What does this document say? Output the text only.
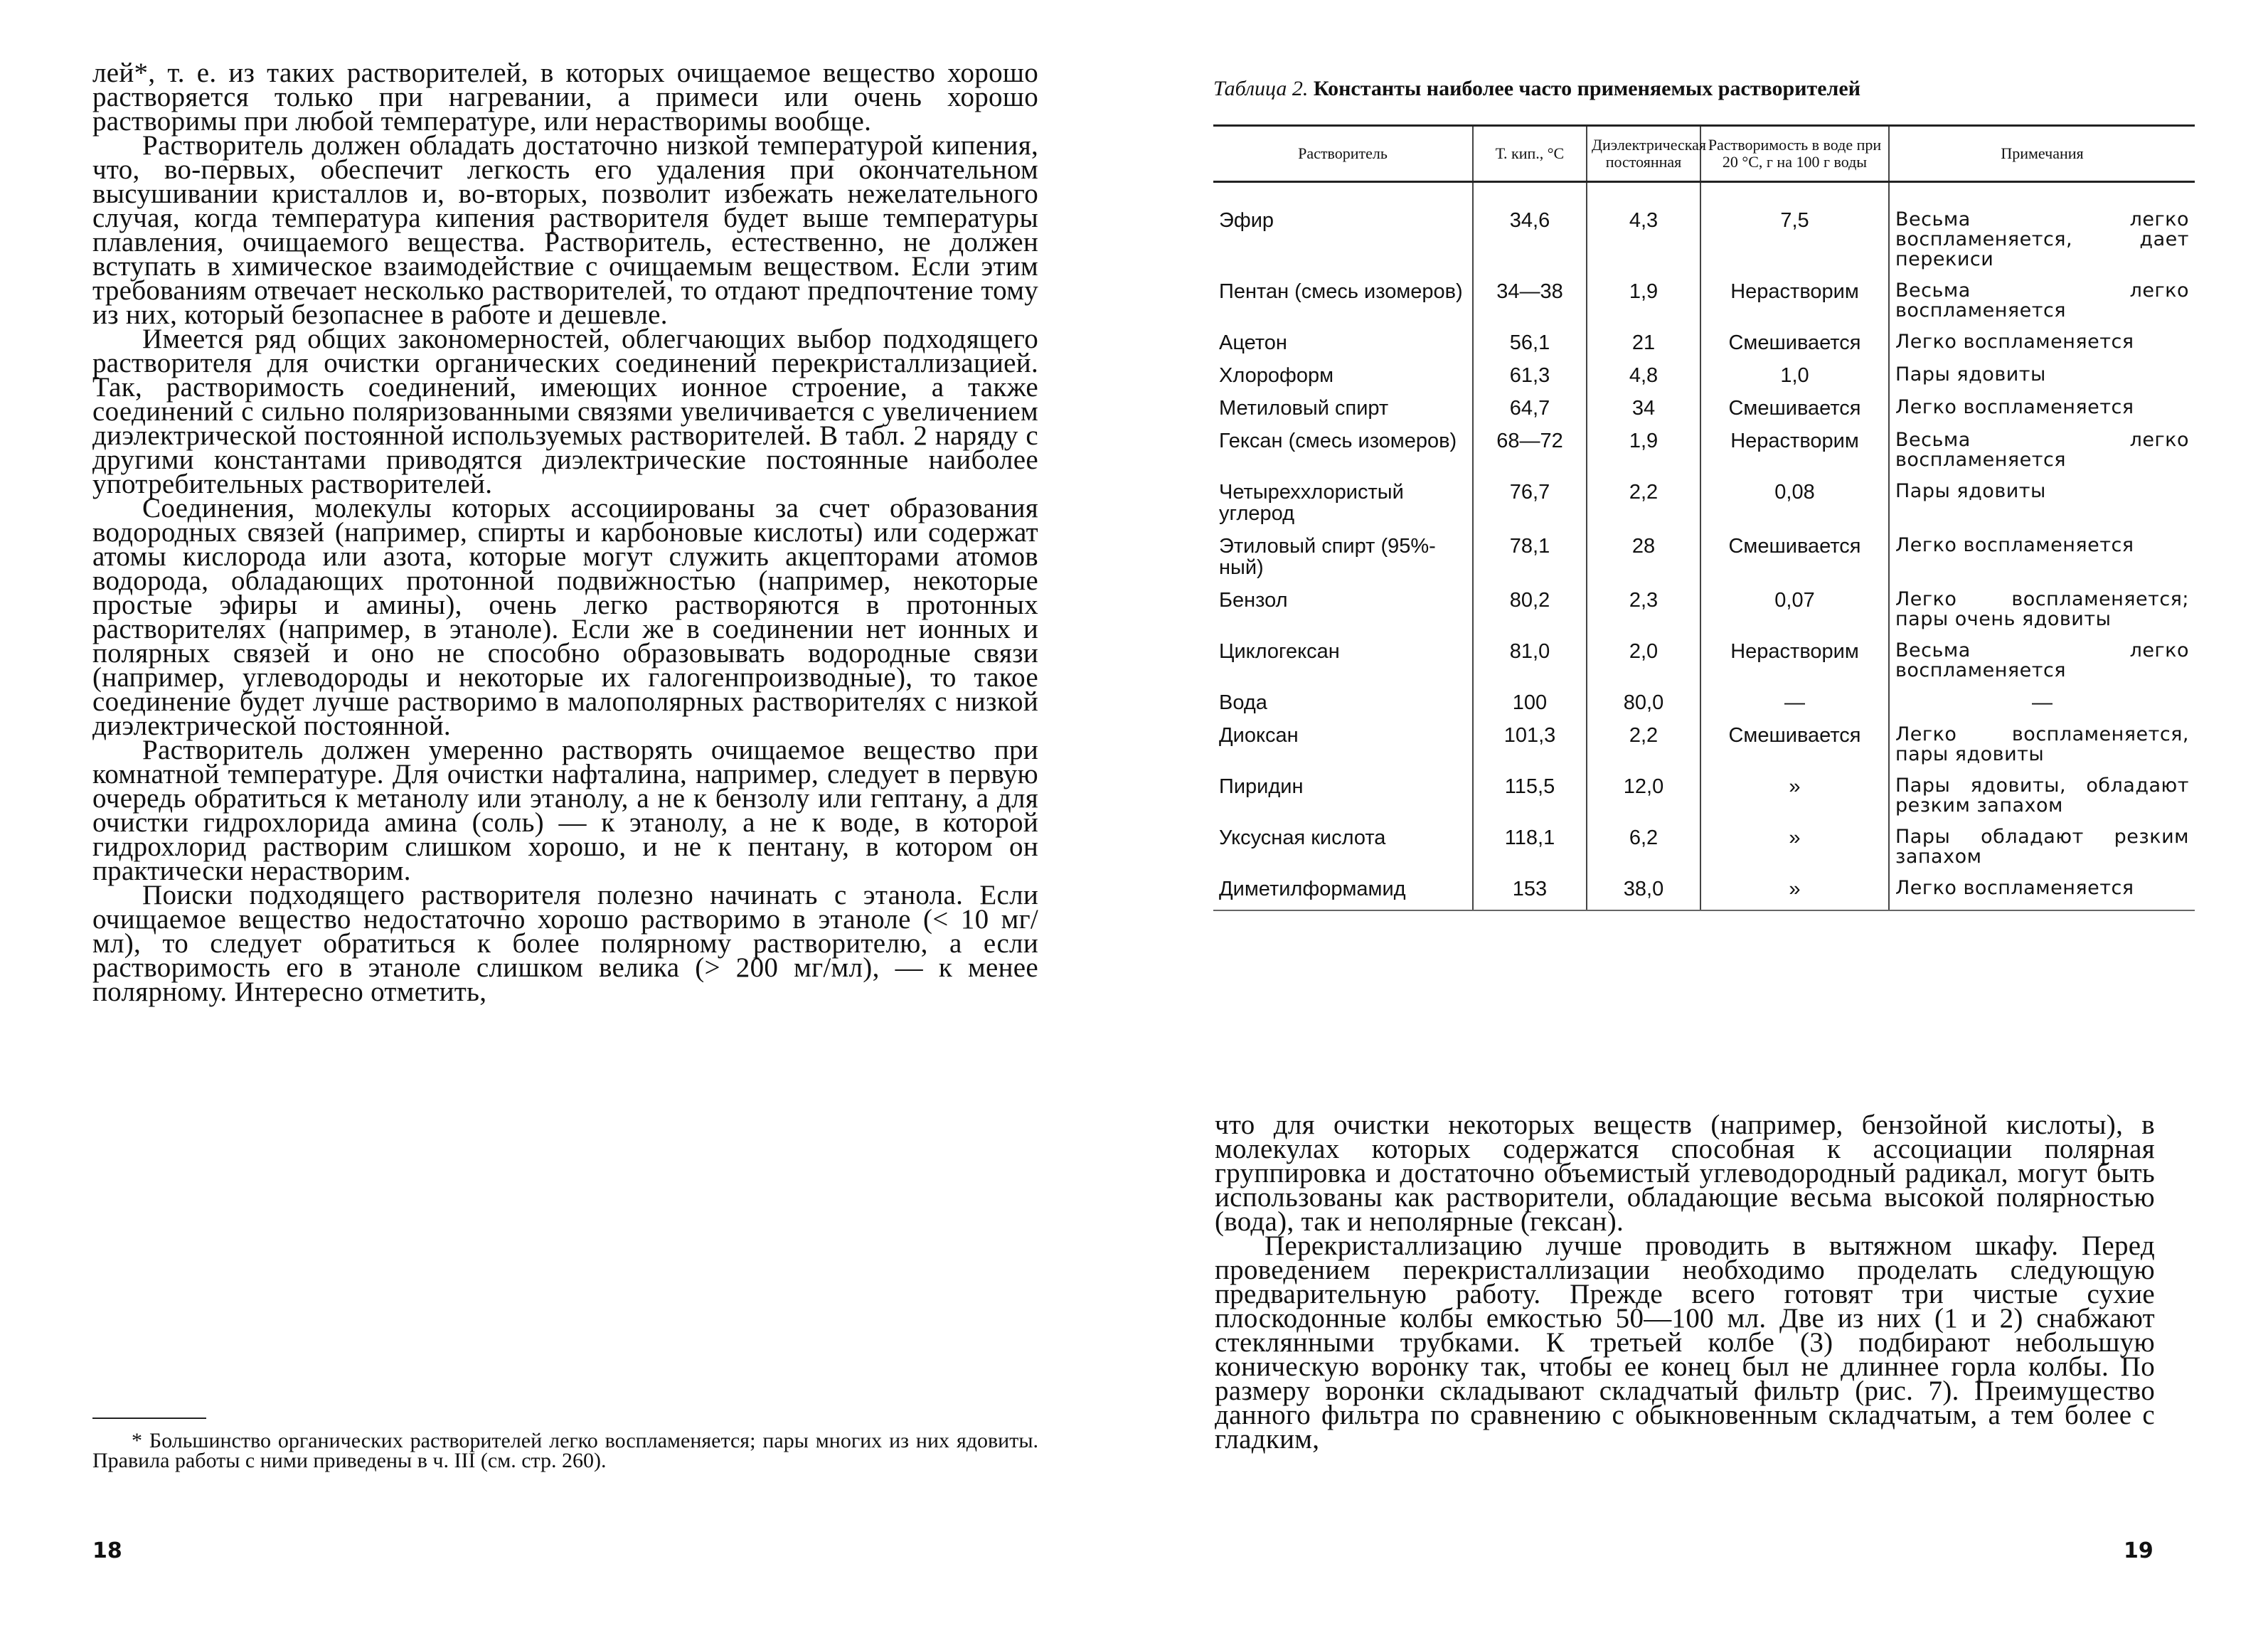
лей*, т. е. из таких растворителей, в которых очищаемое вещество хорошо растворяется только при нагревании, а примеси или очень хорошо растворимы при любой температуре, или нерастворимы вообще.

Растворитель должен обладать достаточно низкой температурой кипения, что, во-первых, обеспечит легкость его удаления при окончательном высушивании кристаллов и, во-вторых, позволит избежать нежелательного случая, когда температура кипения растворителя будет выше температуры плавления, очищаемого вещества. Растворитель, естественно, не должен вступать в химическое взаимодействие с очищаемым веществом. Если этим требованиям отвечает несколько растворителей, то отдают предпочтение тому из них, который безопаснее в работе и дешевле.

Имеется ряд общих закономерностей, облегчающих выбор подходящего растворителя для очистки органических соединений перекристаллизацией. Так, растворимость соединений, имеющих ионное строение, а также соединений с сильно поляризованными связями увеличивается с увеличением диэлектрической постоянной используемых растворителей. В табл. 2 наряду с другими константами приводятся диэлектрические постоянные наиболее употребительных растворителей.

Соединения, молекулы которых ассоциированы за счет образования водородных связей (например, спирты и карбоновые кислоты) или содержат атомы кислорода или азота, которые могут служить акцепторами атомов водорода, обладающих протонной подвижностью (например, некоторые простые эфиры и амины), очень легко растворяются в протонных растворителях (например, в этаноле). Если же в соединении нет ионных и полярных связей и оно не способно образовывать водородные связи (например, углеводороды и некоторые их галогенпроизводные), то такое соединение будет лучше растворимо в малополярных растворителях с низкой диэлектрической постоянной.

Растворитель должен умеренно растворять очищаемое вещество при комнатной температуре. Для очистки нафталина, например, следует в первую очередь обратиться к метанолу или этанолу, а не к бензолу или гептану, а для очистки гидрохлорида амина (соль) — к этанолу, а не к воде, в которой гидрохлорид растворим слишком хорошо, и не к пентану, в котором он практически нерастворим.

Поиски подходящего растворителя полезно начинать с этанола. Если очищаемое вещество недостаточно хорошо растворимо в этаноле (< 10 мг/мл), то следует обратиться к более полярному растворителю, а если растворимость его в этаноле слишком велика (> 200 мг/мл), — к менее полярному. Интересно отметить,

* Большинство органических растворителей легко воспламеняется; пары многих из них ядовиты. Правила работы с ними приведены в ч. III (см. стр. 260).
18
Таблица 2. Константы наиболее часто применяемых растворителей
Растворитель	Т. кип., °С	Диэлектрическая постоянная	Растворимость в воде при 20 °С, г на 100 г воды	Примечания

Эфир	34,6	4,3	7,5	Весьма легко воспламеняется, дает перекиси
Пентан (смесь изомеров)	34—38	1,9	Нерастворим	Весьма легко воспламеняется
Ацетон	56,1	21	Смешивается	Легко воспламеняется
Хлороформ	61,3	4,8	1,0	Пары ядовиты
Метиловый спирт	64,7	34	Смешивается	Легко воспламеняется
Гексан (смесь изомеров)	68—72	1,9	Нерастворим	Весьма легко воспламеняется
Четыреххлористый углерод	76,7	2,2	0,08	Пары ядовиты
Этиловый спирт (95%-ный)	78,1	28	Смешивается	Легко воспламеняется
Бензол	80,2	2,3	0,07	Легко воспламеняется; пары очень ядовиты
Циклогексан	81,0	2,0	Нерастворим	Весьма легко воспламеняется
Вода	100	80,0	—	—
Диоксан	101,3	2,2	Смешивается	Легко воспламеняется, пары ядовиты
Пиридин	115,5	12,0	»	Пары ядовиты, обладают резким запахом
Уксусная кислота	118,1	6,2	»	Пары обладают резким запахом
Диметилформамид	153	38,0	»	Легко воспламеняется

что для очистки некоторых веществ (например, бензойной кислоты), в молекулах которых содержатся способная к ассоциации полярная группировка и достаточно объемистый углеводородный радикал, могут быть использованы как растворители, обладающие весьма высокой полярностью (вода), так и неполярные (гексан).

Перекристаллизацию лучше проводить в вытяжном шкафу. Перед проведением перекристаллизации необходимо проделать следующую предварительную работу. Прежде всего готовят три чистые сухие плоскодонные колбы емкостью 50—100 мл. Две из них (1 и 2) снабжают стеклянными трубками. К третьей колбе (3) подбирают небольшую коническую воронку так, чтобы ее конец был не длиннее горла колбы. По размеру воронки складывают складчатый фильтр (рис. 7). Преимущество данного фильтра по сравнению с обыкновенным складчатым, а тем более с гладким,

19
